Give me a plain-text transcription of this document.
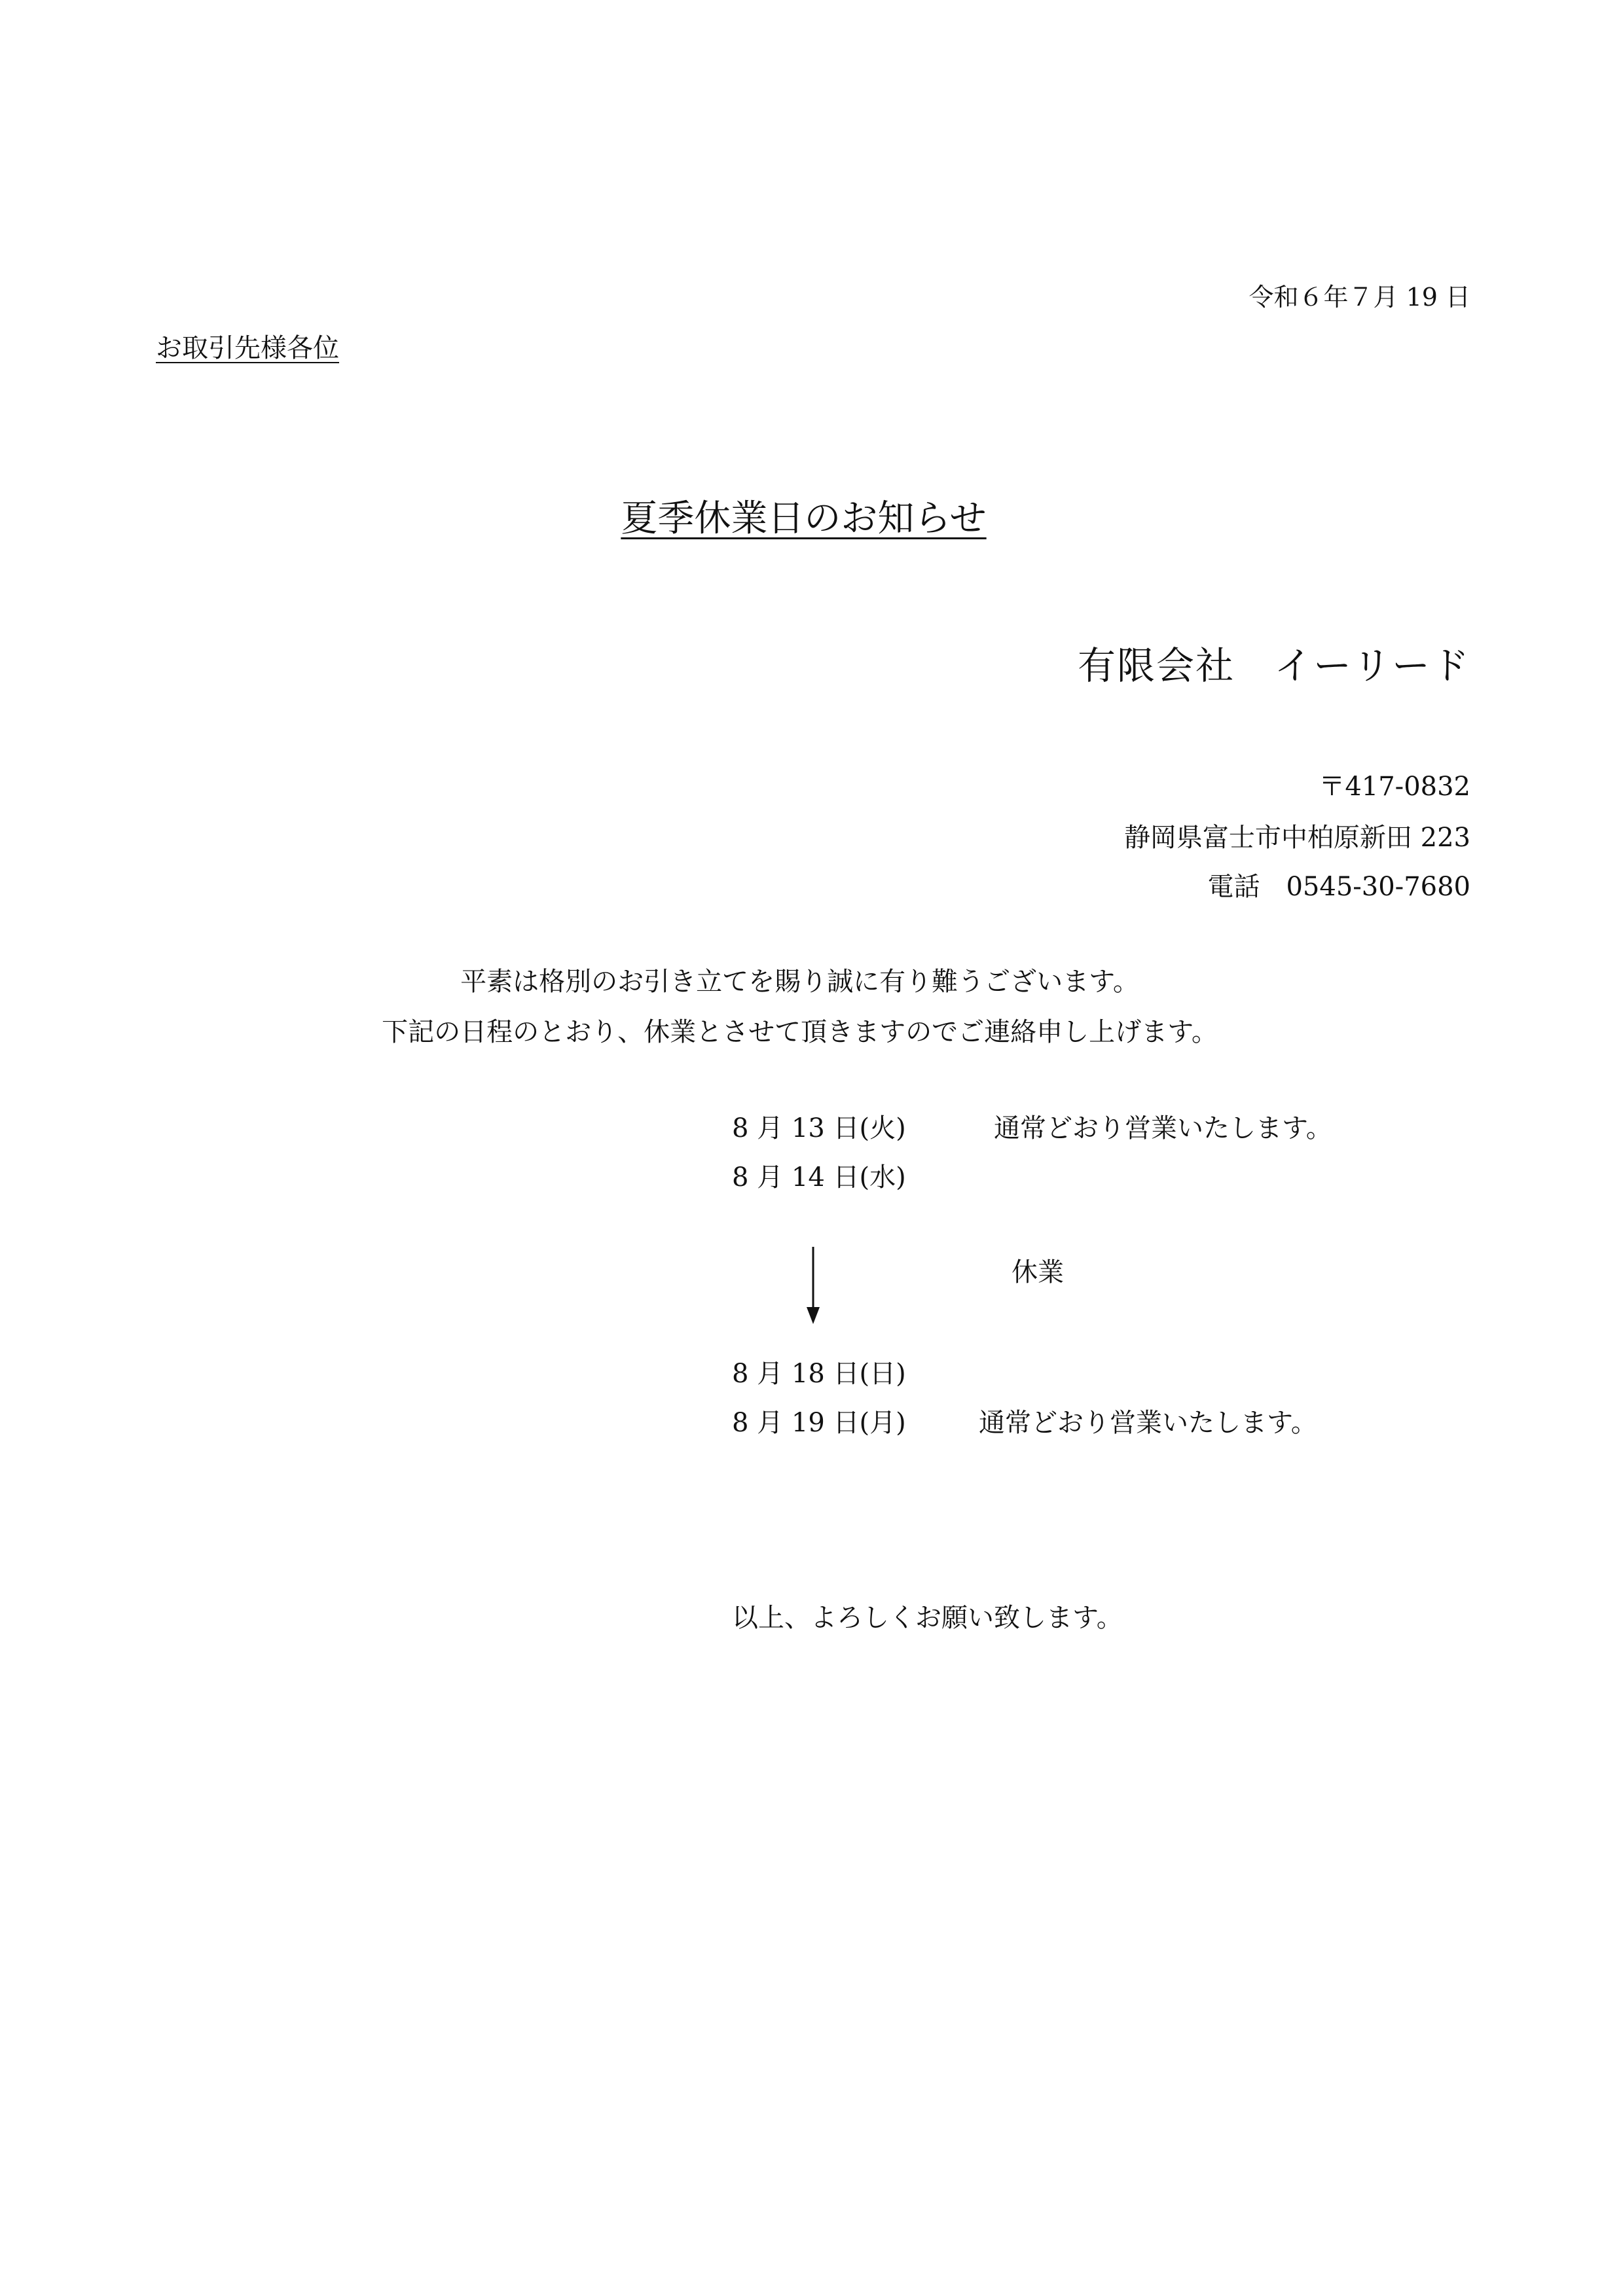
令和６年７月 19 日
お取引先様各位
夏季休業日のお知らせ
有限会社　イーリード
〒417-0832
静岡県富士市中柏原新田 223
電話　0545-30-7680
平素は格別のお引き立てを賜り誠に有り難うございます。
下記の日程のとおり、休業とさせて頂きますのでご連絡申し上げます。
8 月 13 日(火)	通常どおり営業いたします。
8 月 14 日(水)
休業
8 月 18 日(日)
8 月 19 日(月)	通常どおり営業いたします。
以上、よろしくお願い致します。
